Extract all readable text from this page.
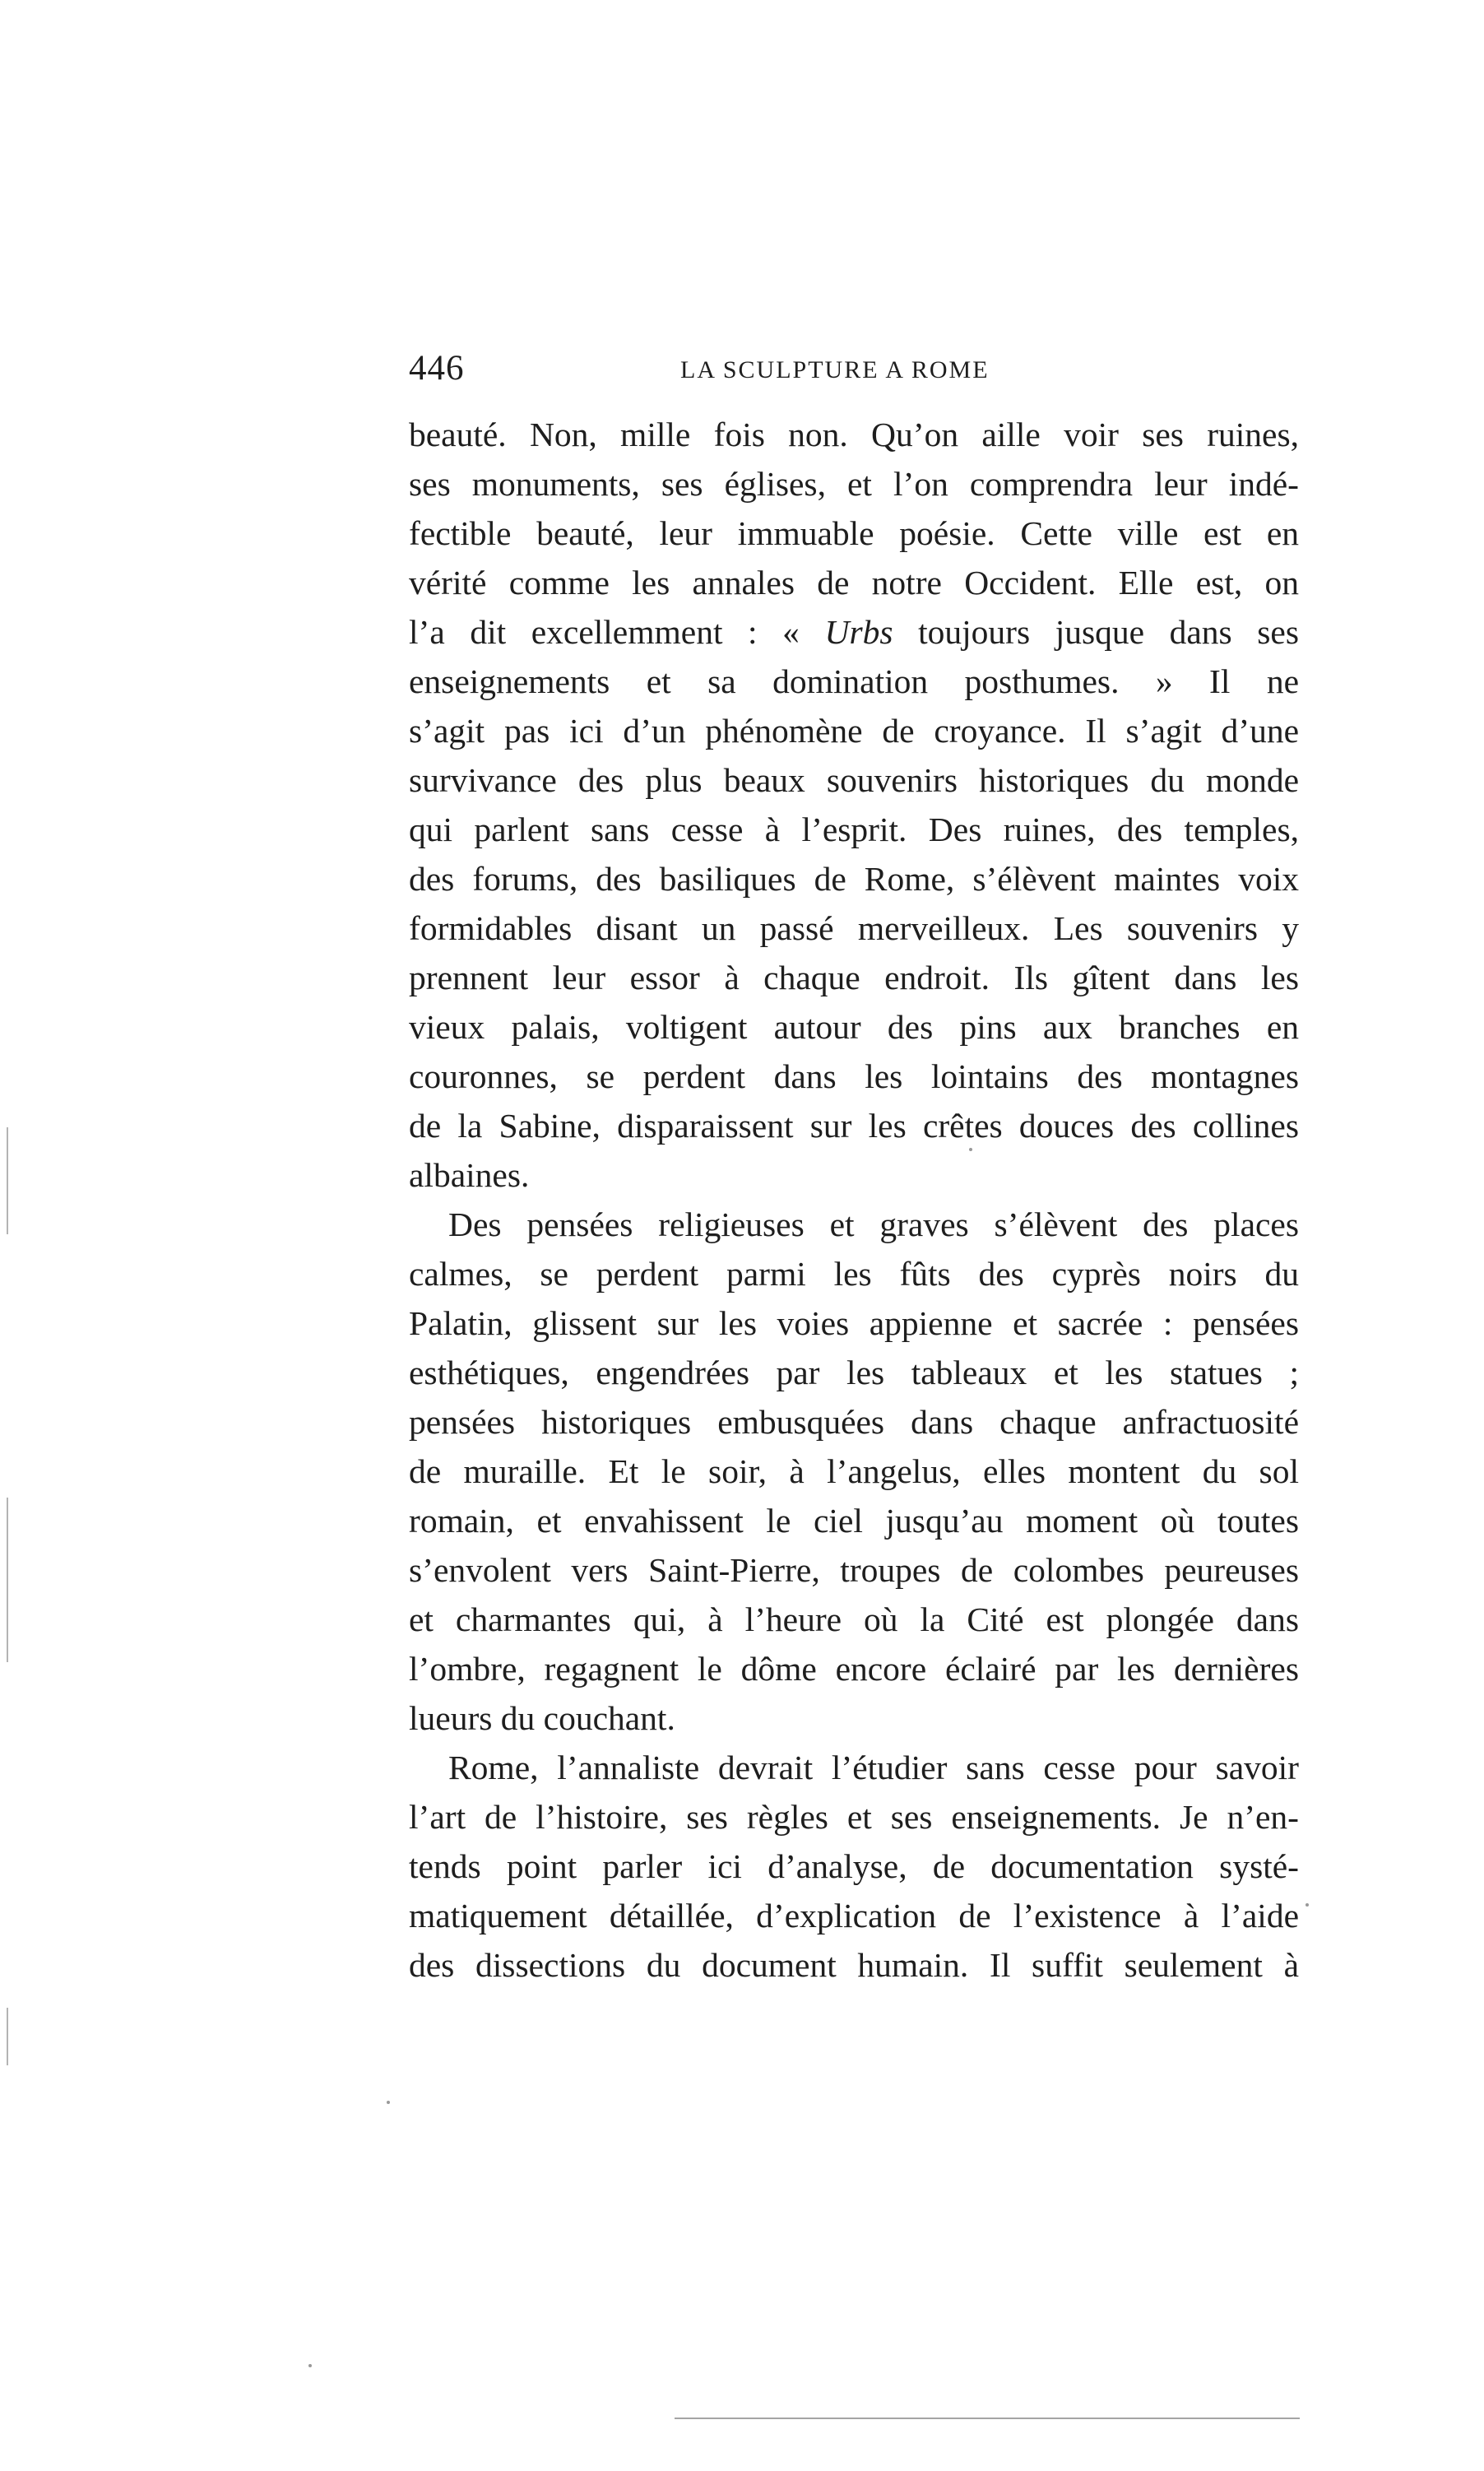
446	LA SCULPTURE A ROME
beauté. Non, mille fois non. Qu’on aille voir ses ruines,
ses monuments, ses églises, et l’on comprendra leur indé-
fectible beauté, leur immuable poésie. Cette ville est en
vérité comme les annales de notre Occident. Elle est, on
l’a dit excellemment : « Urbs toujours jusque dans ses
enseignements et sa domination posthumes. » Il ne
s’agit pas ici d’un phénomène de croyance. Il s’agit d’une
survivance des plus beaux souvenirs historiques du monde
qui parlent sans cesse à l’esprit. Des ruines, des temples,
des forums, des basiliques de Rome, s’élèvent maintes voix
formidables disant un passé merveilleux. Les souvenirs y
prennent leur essor à chaque endroit. Ils gîtent dans les
vieux palais, voltigent autour des pins aux branches en
couronnes, se perdent dans les lointains des montagnes
de la Sabine, disparaissent sur les crêtes douces des collines
albaines.
Des pensées religieuses et graves s’élèvent des places
calmes, se perdent parmi les fûts des cyprès noirs du
Palatin, glissent sur les voies appienne et sacrée : pensées
esthétiques, engendrées par les tableaux et les statues ;
pensées historiques embusquées dans chaque anfractuosité
de muraille. Et le soir, à l’angelus, elles montent du sol
romain, et envahissent le ciel jusqu’au moment où toutes
s’envolent vers Saint-Pierre, troupes de colombes peureuses
et charmantes qui, à l’heure où la Cité est plongée dans
l’ombre, regagnent le dôme encore éclairé par les dernières
lueurs du couchant.
Rome, l’annaliste devrait l’étudier sans cesse pour savoir
l’art de l’histoire, ses règles et ses enseignements. Je n’en-
tends point parler ici d’analyse, de documentation systé-
matiquement détaillée, d’explication de l’existence à l’aide
des dissections du document humain. Il suffit seulement à
